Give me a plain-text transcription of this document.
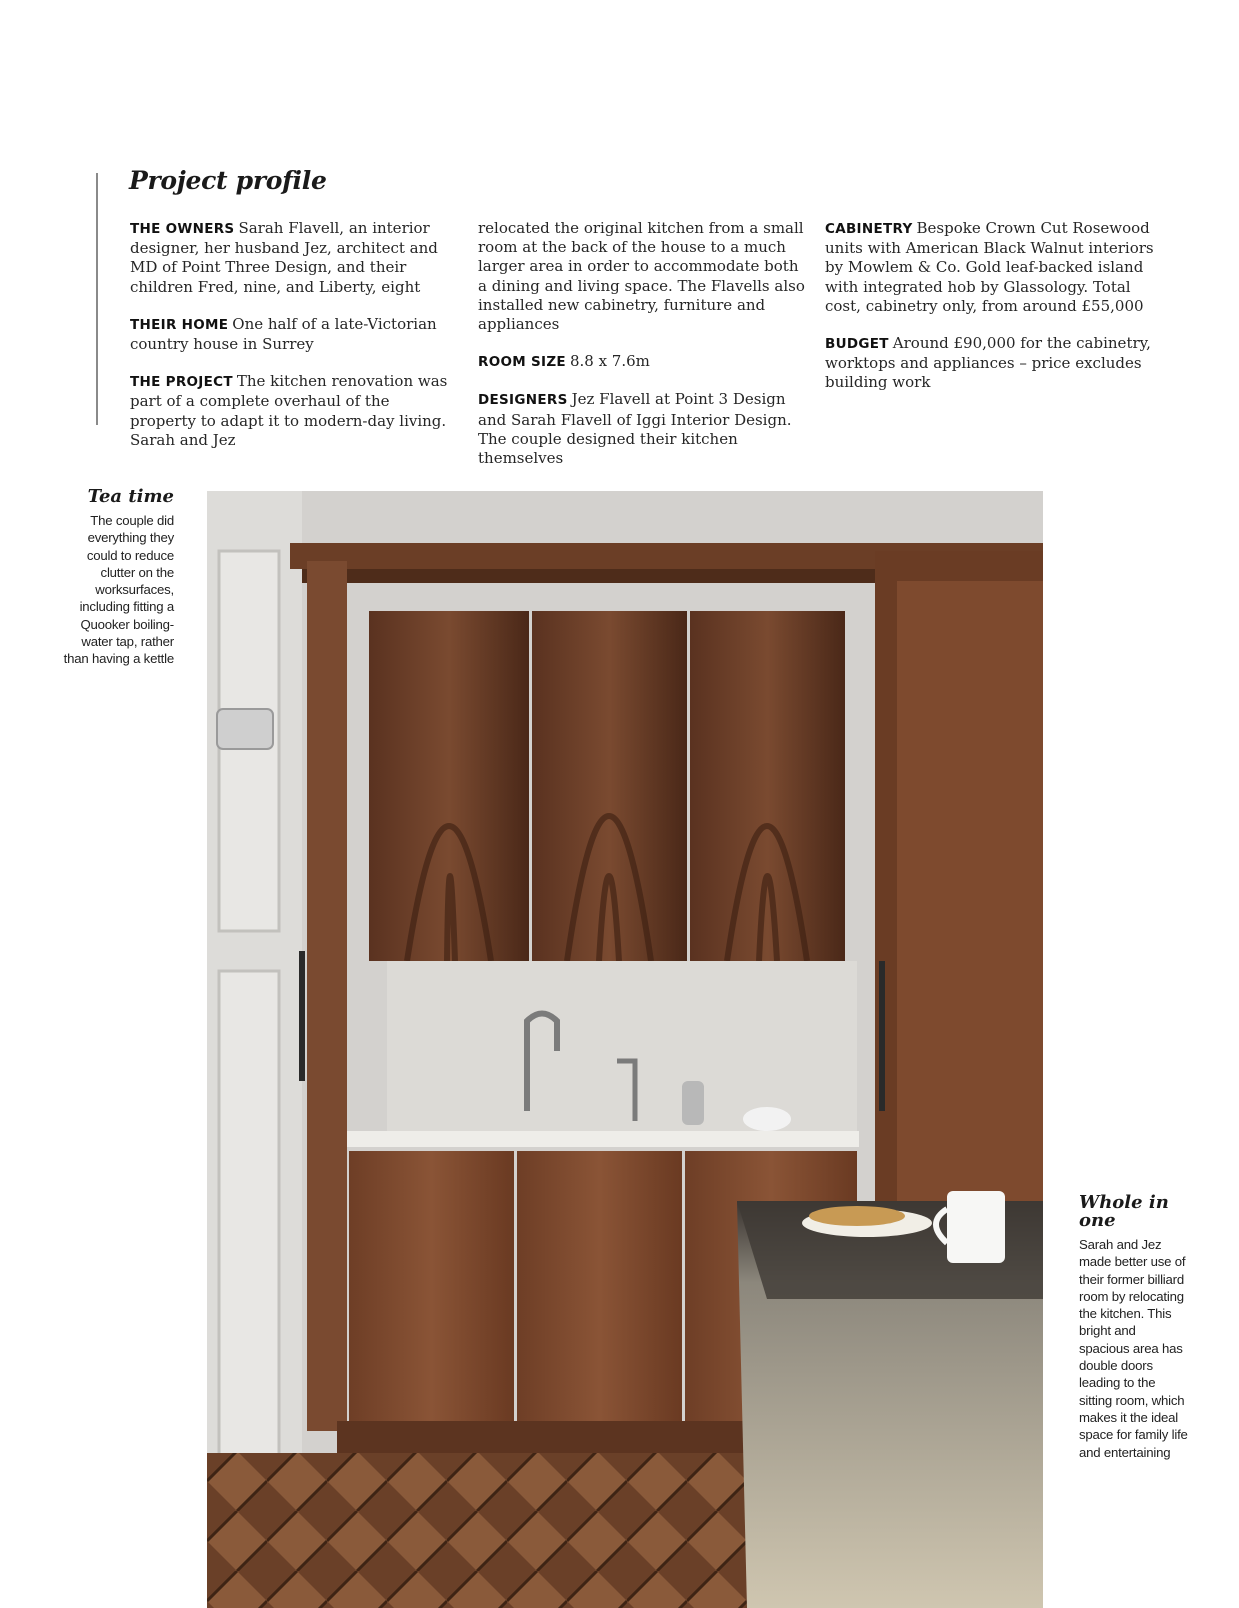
Project profile

THE OWNERS Sarah Flavell, an interior designer, her husband Jez, architect and MD of Point Three Design, and their children Fred, nine, and Liberty, eight

THEIR HOME One half of a late-Victorian country house in Surrey

THE PROJECT The kitchen renovation was part of a complete overhaul of the property to adapt it to modern-day living. Sarah and Jez

relocated the original kitchen from a small room at the back of the house to a much larger area in order to accommodate both a dining and living space. The Flavells also installed new cabinetry, furniture and appliances

ROOM SIZE 8.8 x 7.6m

DESIGNERS Jez Flavell at Point 3 Design and Sarah Flavell of Iggi Interior Design. The couple designed their kitchen themselves

CABINETRY Bespoke Crown Cut Rosewood units with American Black Walnut interiors by Mowlem & Co. Gold leaf-backed island with integrated hob by Glassology. Total cost, cabinetry only, from around £55,000

BUDGET Around £90,000 for the cabinetry, worktops and appliances – price excludes building work

Tea time
The couple did everything they could to reduce clutter on the worksurfaces, including fitting a Quooker boiling-water tap, rather than having a kettle
Whole in one
Sarah and Jez made better use of their former billiard room by relocating the kitchen. This bright and spacious area has double doors leading to the sitting room, which makes it the ideal space for family life and entertaining
